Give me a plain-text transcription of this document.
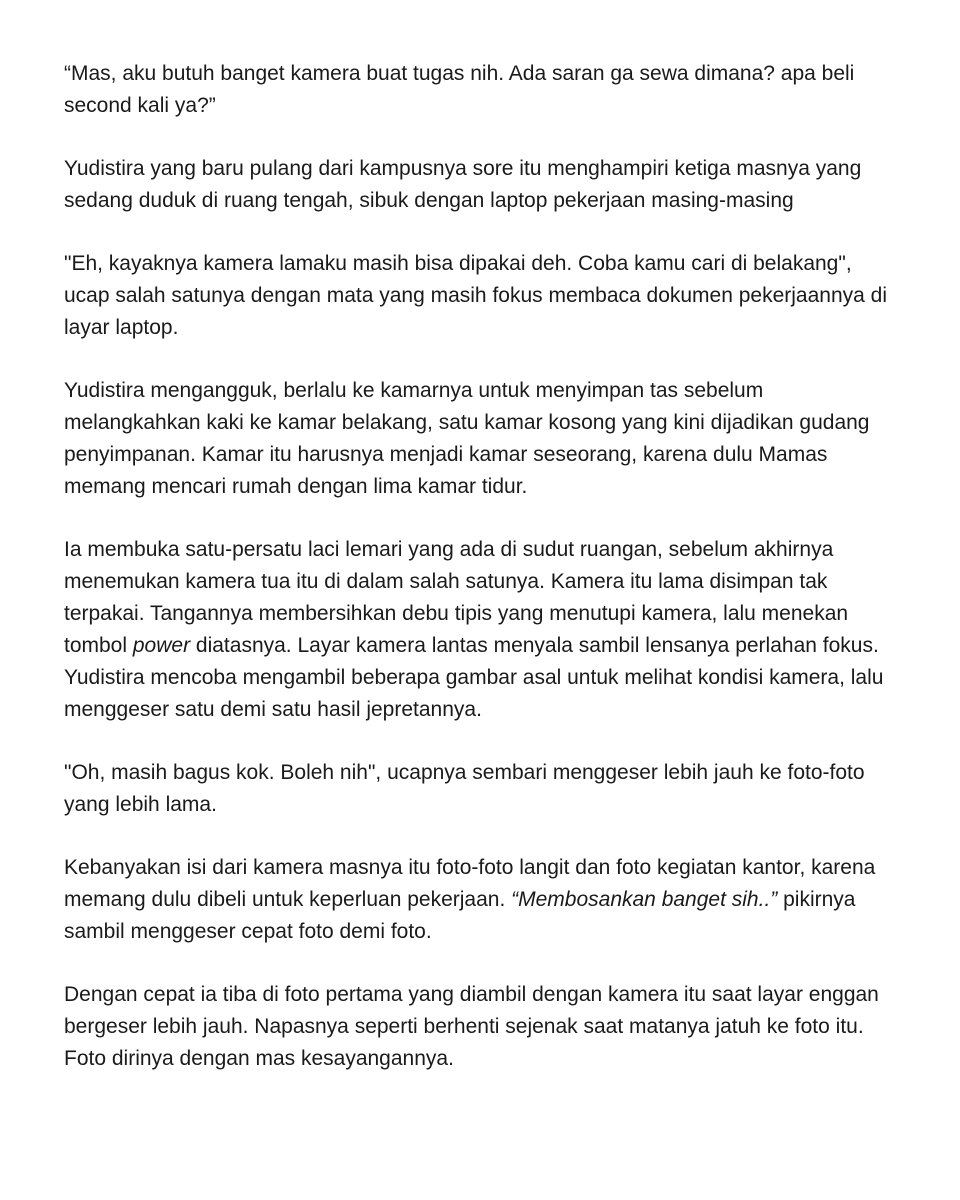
“Mas, aku butuh banget kamera buat tugas nih. Ada saran ga sewa dimana? apa beli second kali ya?”

Yudistira yang baru pulang dari kampusnya sore itu menghampiri ketiga masnya yang sedang duduk di ruang tengah, sibuk dengan laptop pekerjaan masing-masing

"Eh, kayaknya kamera lamaku masih bisa dipakai deh. Coba kamu cari di belakang", ucap salah satunya dengan mata yang masih fokus membaca dokumen pekerjaannya di layar laptop.

Yudistira mengangguk, berlalu ke kamarnya untuk menyimpan tas sebelum melangkahkan kaki ke kamar belakang, satu kamar kosong yang kini dijadikan gudang penyimpanan. Kamar itu harusnya menjadi kamar seseorang, karena dulu Mamas memang mencari rumah dengan lima kamar tidur.

Ia membuka satu-persatu laci lemari yang ada di sudut ruangan, sebelum akhirnya menemukan kamera tua itu di dalam salah satunya. Kamera itu lama disimpan tak terpakai. Tangannya membersihkan debu tipis yang menutupi kamera, lalu menekan tombol power diatasnya. Layar kamera lantas menyala sambil lensanya perlahan fokus. Yudistira mencoba mengambil beberapa gambar asal untuk melihat kondisi kamera, lalu menggeser satu demi satu hasil jepretannya.

"Oh, masih bagus kok. Boleh nih", ucapnya sembari menggeser lebih jauh ke foto-foto yang lebih lama.

Kebanyakan isi dari kamera masnya itu foto-foto langit dan foto kegiatan kantor, karena memang dulu dibeli untuk keperluan pekerjaan. “Membosankan banget sih..” pikirnya sambil menggeser cepat foto demi foto.

Dengan cepat ia tiba di foto pertama yang diambil dengan kamera itu saat layar enggan bergeser lebih jauh. Napasnya seperti berhenti sejenak saat matanya jatuh ke foto itu. Foto dirinya dengan mas kesayangannya.
